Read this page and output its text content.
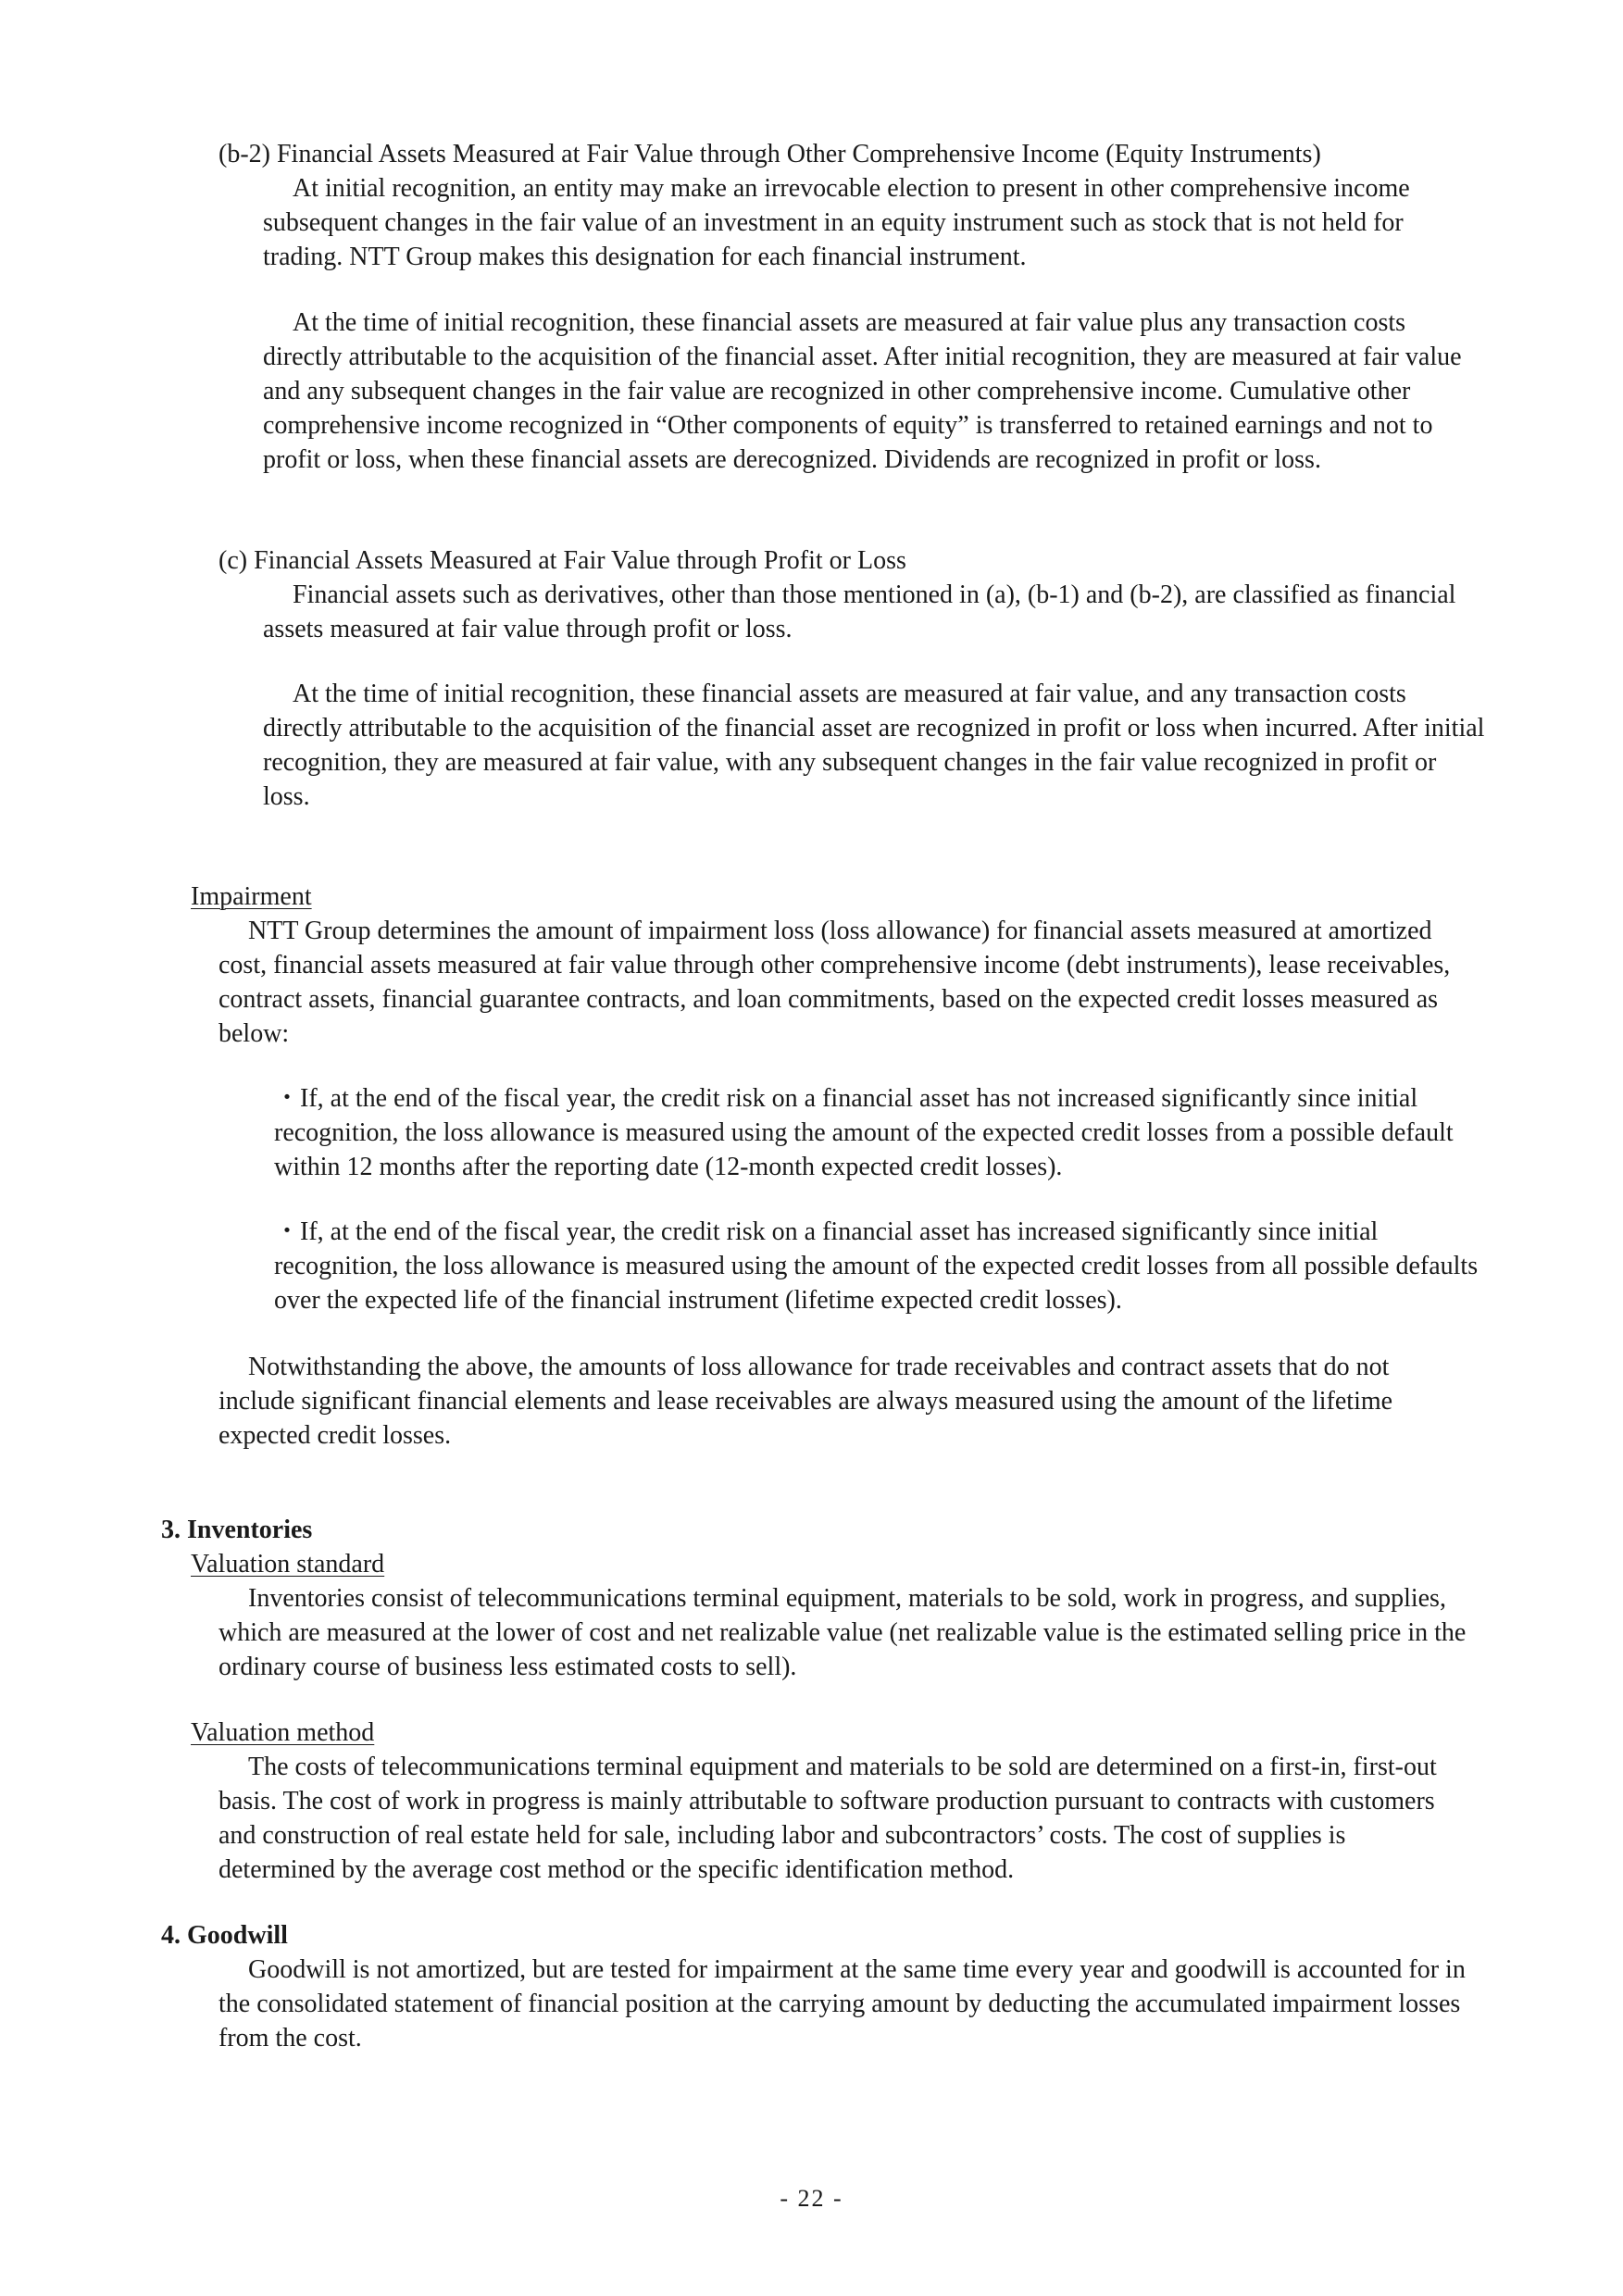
(b-2) Financial Assets Measured at Fair Value through Other Comprehensive Income (Equity Instruments)

At initial recognition, an entity may make an irrevocable election to present in other comprehensive income subsequent changes in the fair value of an investment in an equity instrument such as stock that is not held for trading. NTT Group makes this designation for each financial instrument.

At the time of initial recognition, these financial assets are measured at fair value plus any transaction costs directly attributable to the acquisition of the financial asset. After initial recognition, they are measured at fair value and any subsequent changes in the fair value are recognized in other comprehensive income. Cumulative other comprehensive income recognized in “Other components of equity” is transferred to retained earnings and not to profit or loss, when these financial assets are derecognized. Dividends are recognized in profit or loss.

(c) Financial Assets Measured at Fair Value through Profit or Loss

Financial assets such as derivatives, other than those mentioned in (a), (b-1) and (b-2), are classified as financial assets measured at fair value through profit or loss.

At the time of initial recognition, these financial assets are measured at fair value, and any transaction costs directly attributable to the acquisition of the financial asset are recognized in profit or loss when incurred. After initial recognition, they are measured at fair value, with any subsequent changes in the fair value recognized in profit or loss.

Impairment

NTT Group determines the amount of impairment loss (loss allowance) for financial assets measured at amortized cost, financial assets measured at fair value through other comprehensive income (debt instruments), lease receivables, contract assets, financial guarantee contracts, and loan commitments, based on the expected credit losses measured as below:

・If, at the end of the fiscal year, the credit risk on a financial asset has not increased significantly since initial recognition, the loss allowance is measured using the amount of the expected credit losses from a possible default within 12 months after the reporting date (12-month expected credit losses).

・If, at the end of the fiscal year, the credit risk on a financial asset has increased significantly since initial recognition, the loss allowance is measured using the amount of the expected credit losses from all possible defaults over the expected life of the financial instrument (lifetime expected credit losses).

Notwithstanding the above, the amounts of loss allowance for trade receivables and contract assets that do not include significant financial elements and lease receivables are always measured using the amount of the lifetime expected credit losses.

3. Inventories
Valuation standard

Inventories consist of telecommunications terminal equipment, materials to be sold, work in progress, and supplies, which are measured at the lower of cost and net realizable value (net realizable value is the estimated selling price in the ordinary course of business less estimated costs to sell).

Valuation method

The costs of telecommunications terminal equipment and materials to be sold are determined on a first-in, first-out basis. The cost of work in progress is mainly attributable to software production pursuant to contracts with customers and construction of real estate held for sale, including labor and subcontractors’ costs. The cost of supplies is determined by the average cost method or the specific identification method.

4. Goodwill

Goodwill is not amortized, but are tested for impairment at the same time every year and goodwill is accounted for in the consolidated statement of financial position at the carrying amount by deducting the accumulated impairment losses from the cost.

- 22 -
